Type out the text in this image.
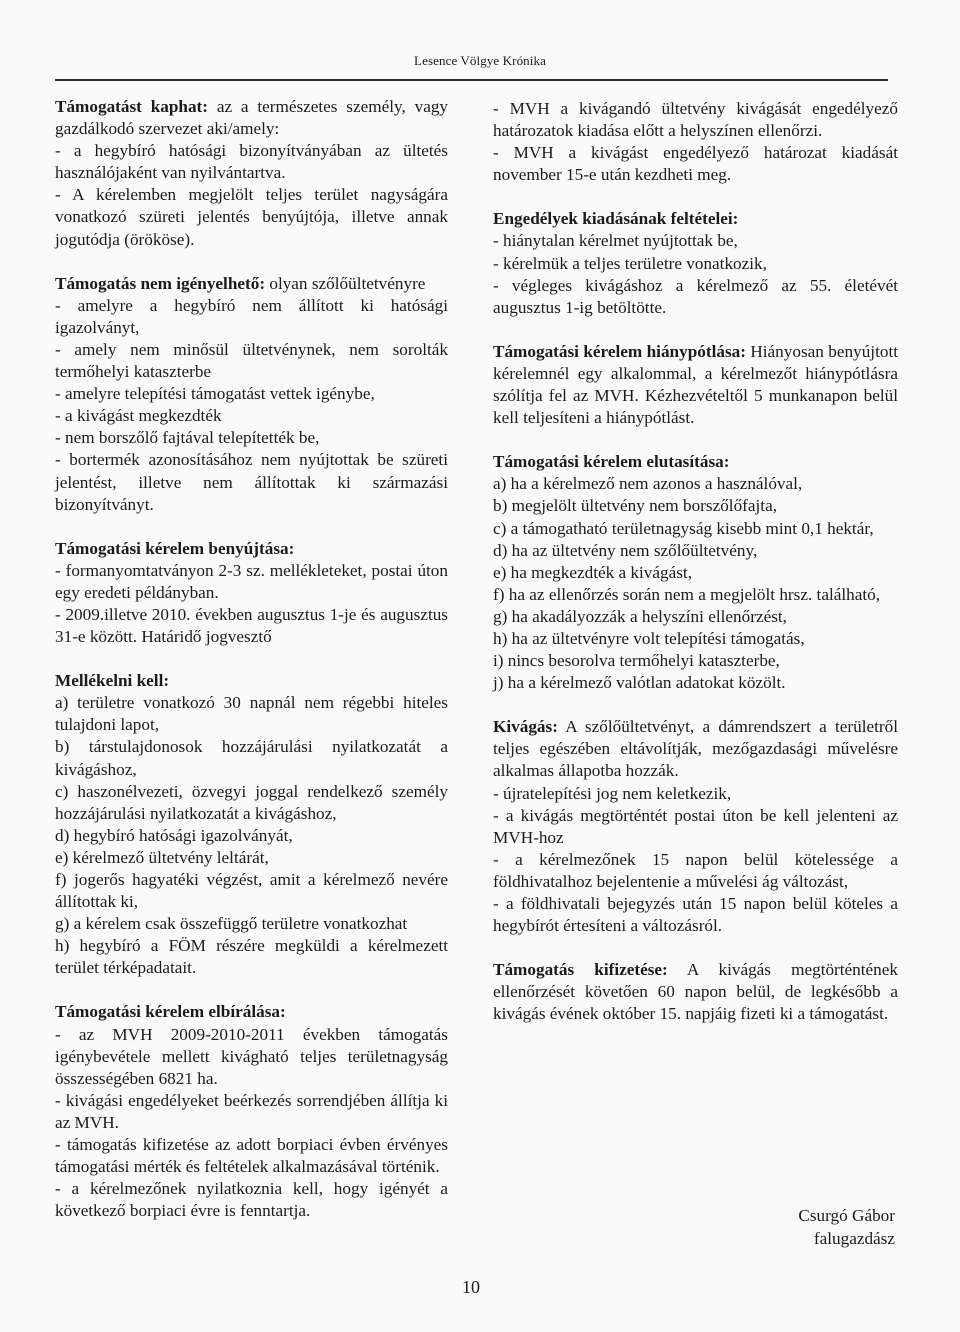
Lesence Völgye Krónika

Támogatást kaphat: az a természetes személy, vagy gazdálkodó szervezet aki/amely:

- a hegybíró hatósági bizonyítványában az ültetés használójaként van nyilvántartva.

- A kérelemben megjelölt teljes terület nagyságára vonatkozó szüreti jelentés benyújtója, illetve annak jogutódja (örököse).

Támogatás nem igényelhető: olyan szőlőültetvényre

- amelyre a hegybíró nem állított ki hatósági igazolványt,

- amely nem minősül ültetvénynek, nem sorolták termőhelyi kataszterbe

- amelyre telepítési támogatást vettek igénybe,

- a kivágást megkezdték

- nem borszőlő fajtával telepítették be,

- bortermék azonosításához nem nyújtottak be szüreti jelentést, illetve nem állítottak ki származási bizonyítványt.

Támogatási kérelem benyújtása:

- formanyomtatványon 2-3 sz. mellékleteket, postai úton egy eredeti példányban.

- 2009.illetve 2010. években augusztus 1-je és augusztus 31-e között. Határidő jogvesztő

Mellékelni kell:

a) területre vonatkozó 30 napnál nem régebbi hiteles tulajdoni lapot,

b) társtulajdonosok hozzájárulási nyilatkozatát a kivágáshoz,

c) haszonélvezeti, özvegyi joggal rendelkező személy hozzájárulási nyilatkozatát a kivágáshoz,

d) hegybíró hatósági igazolványát,

e) kérelmező ültetvény leltárát,

f) jogerős hagyatéki végzést, amit a kérelmező nevére állítottak ki,

g) a kérelem csak összefüggő területre vonatkozhat

h) hegybíró a FÖM részére megküldi a kérelmezett terület térképadatait.

Támogatási kérelem elbírálása:

- az MVH 2009-2010-2011 években támogatás igénybevétele mellett kivágható teljes területnagyság összességében 6821 ha.

- kivágási engedélyeket beérkezés sorrendjében állítja ki az MVH.

- támogatás kifizetése az adott borpiaci évben érvényes támogatási mérték és feltételek alkalmazásával történik.

- a kérelmezőnek nyilatkoznia kell, hogy igényét a következő borpiaci évre is fenntartja.

- MVH a kivágandó ültetvény kivágását engedélyező határozatok kiadása előtt a helyszínen ellenőrzi.

- MVH a kivágást engedélyező határozat kiadását november 15-e után kezdheti meg.

Engedélyek kiadásának feltételei:

- hiánytalan kérelmet nyújtottak be,

- kérelmük a teljes területre vonatkozik,

- végleges kivágáshoz a kérelmező az 55. életévét augusztus 1-ig betöltötte.

Támogatási kérelem hiánypótlása: Hiányosan benyújtott kérelemnél egy alkalommal, a kérelmezőt hiánypótlásra szólítja fel az MVH. Kézhezvételtől 5 munkanapon belül kell teljesíteni a hiánypótlást.

Támogatási kérelem elutasítása:

a) ha a kérelmező nem azonos a használóval,

b) megjelölt ültetvény nem borszőlőfajta,

c) a támogatható területnagyság kisebb mint 0,1 hektár,

d) ha az ültetvény nem szőlőültetvény,

e) ha megkezdték a kivágást,

f) ha az ellenőrzés során nem a megjelölt hrsz. található,

g) ha akadályozzák a helyszíni ellenőrzést,

h) ha az ültetvényre volt telepítési támogatás,

i) nincs besorolva termőhelyi kataszterbe,

j) ha a kérelmező valótlan adatokat közölt.

Kivágás: A szőlőültetvényt, a dámrendszert a területről teljes egészében eltávolítják, mezőgazdasági művelésre alkalmas állapotba hozzák.

- újratelepítési jog nem keletkezik,

- a kivágás megtörténtét postai úton be kell jelenteni az MVH-hoz

- a kérelmezőnek 15 napon belül kötelessége a földhivatalhoz bejelentenie a művelési ág változást,

- a földhivatali bejegyzés után 15 napon belül köteles a hegybírót értesíteni a változásról.

Támogatás kifizetése: A kivágás megtörténtének ellenőrzését követően 60 napon belül, de legkésőbb a kivágás évének október 15. napjáig fizeti ki a támogatást.

Csurgó Gábor
falugazdász
10
